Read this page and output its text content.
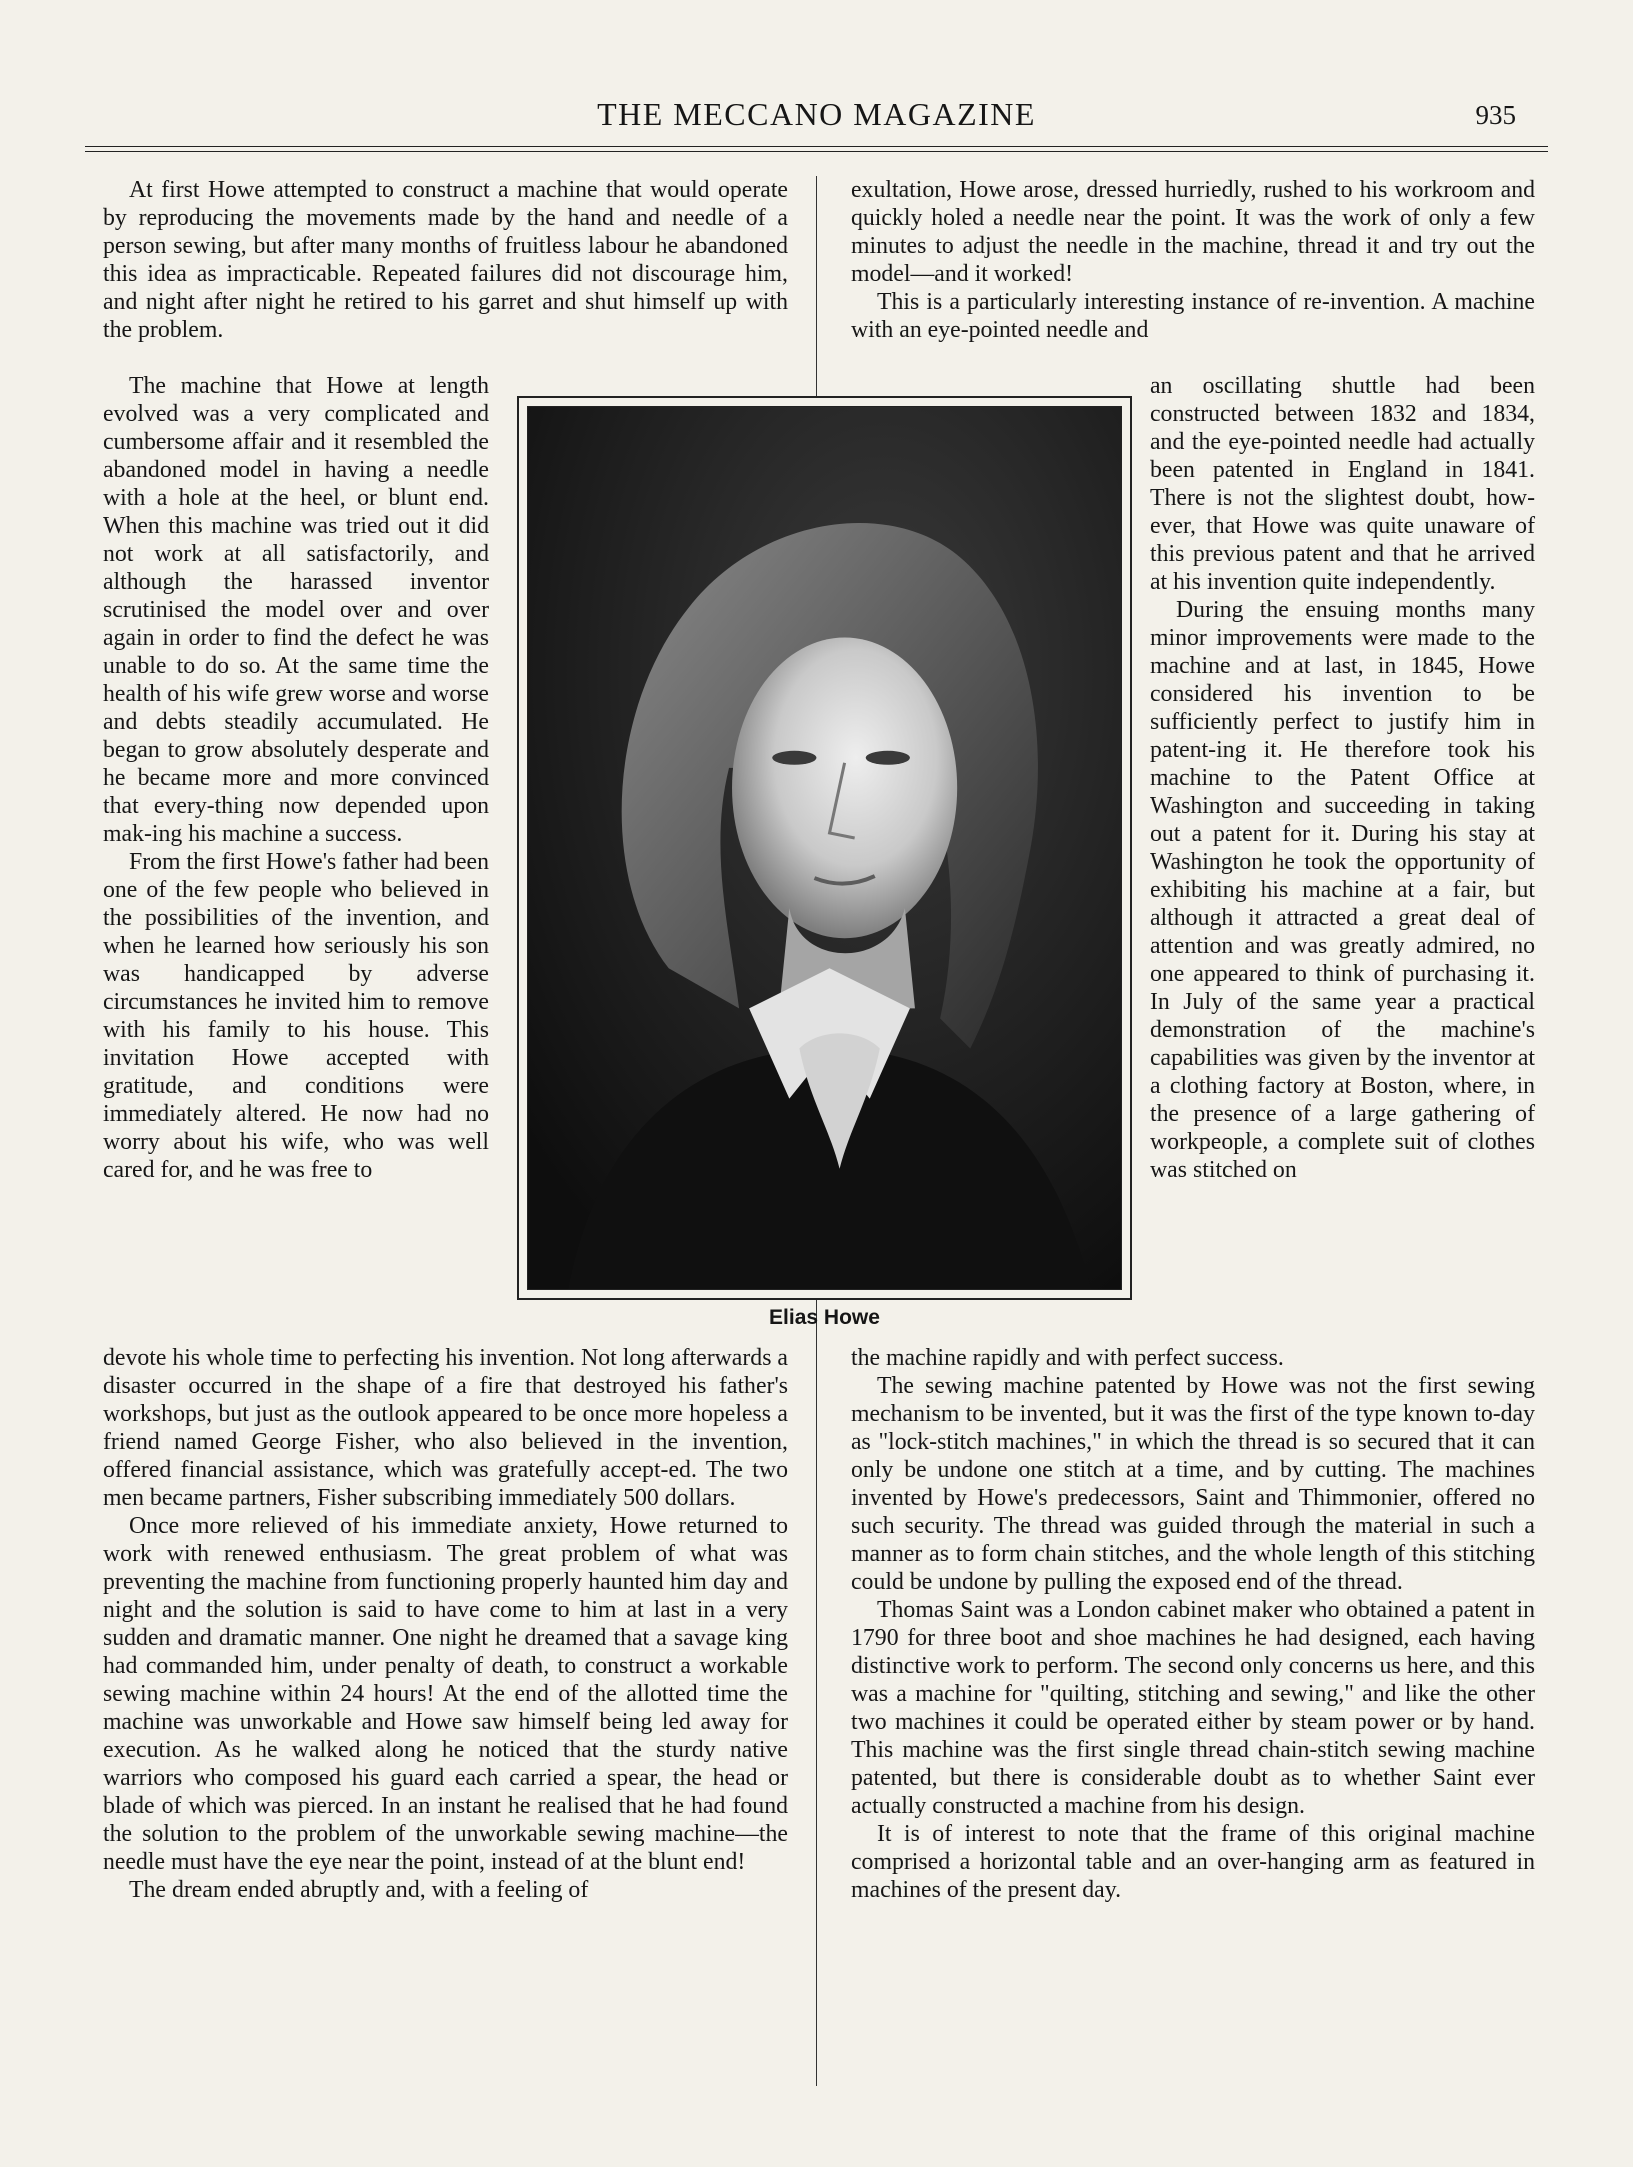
THE MECCANO MAGAZINE	935

At first Howe attempted to construct a machine that would operate by reproducing the movements made by the hand and needle of a person sewing, but after many months of fruitless labour he abandoned this idea as impracticable. Repeated failures did not discourage him, and night after night he retired to his garret and shut himself up with the problem.

The machine that Howe at length evolved was a very complicated and cumbersome affair and it resembled the abandoned model in having a needle with a hole at the heel, or blunt end. When this machine was tried out it did not work at all satisfactorily, and although the harassed inventor scrutinised the model over and over again in order to find the defect he was unable to do so. At the same time the health of his wife grew worse and worse and debts steadily accumulated. He began to grow absolutely desperate and he became more and more convinced that every-thing now depended upon mak-ing his machine a success.

From the first Howe's father had been one of the few people who believed in the possibilities of the invention, and when he learned how seriously his son was handicapped by adverse circumstances he invited him to remove with his family to his house. This invitation Howe accepted with gratitude, and conditions were immediately altered. He now had no worry about his wife, who was well cared for, and he was free to

devote his whole time to perfecting his invention. Not long afterwards a disaster occurred in the shape of a fire that destroyed his father's workshops, but just as the outlook appeared to be once more hopeless a friend named George Fisher, who also believed in the invention, offered financial assistance, which was gratefully accept-ed. The two men became partners, Fisher subscribing immediately 500 dollars.

Once more relieved of his immediate anxiety, Howe returned to work with renewed enthusiasm. The great problem of what was preventing the machine from functioning properly haunted him day and night and the solution is said to have come to him at last in a very sudden and dramatic manner. One night he dreamed that a savage king had commanded him, under penalty of death, to construct a workable sewing machine within 24 hours! At the end of the allotted time the machine was unworkable and Howe saw himself being led away for execution. As he walked along he noticed that the sturdy native warriors who composed his guard each carried a spear, the head or blade of which was pierced. In an instant he realised that he had found the solution to the problem of the unworkable sewing machine—the needle must have the eye near the point, instead of at the blunt end!

The dream ended abruptly and, with a feeling of

exultation, Howe arose, dressed hurriedly, rushed to his workroom and quickly holed a needle near the point. It was the work of only a few minutes to adjust the needle in the machine, thread it and try out the model—and it worked!

This is a particularly interesting instance of re-invention. A machine with an eye-pointed needle and

an oscillating shuttle had been constructed between 1832 and 1834, and the eye-pointed needle had actually been patented in England in 1841. There is not the slightest doubt, how-ever, that Howe was quite unaware of this previous patent and that he arrived at his invention quite independently.

During the ensuing months many minor improvements were made to the machine and at last, in 1845, Howe considered his invention to be sufficiently perfect to justify him in patent-ing it. He therefore took his machine to the Patent Office at Washington and succeeding in taking out a patent for it. During his stay at Washington he took the opportunity of exhibiting his machine at a fair, but although it attracted a great deal of attention and was greatly admired, no one appeared to think of purchasing it. In July of the same year a practical demonstration of the machine's capabilities was given by the inventor at a clothing factory at Boston, where, in the presence of a large gathering of workpeople, a complete suit of clothes was stitched on

the machine rapidly and with perfect success.

The sewing machine patented by Howe was not the first sewing mechanism to be invented, but it was the first of the type known to-day as "lock-stitch machines," in which the thread is so secured that it can only be undone one stitch at a time, and by cutting. The machines invented by Howe's predecessors, Saint and Thimmonier, offered no such security. The thread was guided through the material in such a manner as to form chain stitches, and the whole length of this stitching could be undone by pulling the exposed end of the thread.

Thomas Saint was a London cabinet maker who obtained a patent in 1790 for three boot and shoe machines he had designed, each having distinctive work to perform. The second only concerns us here, and this was a machine for "quilting, stitching and sewing," and like the other two machines it could be operated either by steam power or by hand. This machine was the first single thread chain-stitch sewing machine patented, but there is considerable doubt as to whether Saint ever actually constructed a machine from his design.

It is of interest to note that the frame of this original machine comprised a horizontal table and an over-hanging arm as featured in machines of the present day.

Elias Howe
